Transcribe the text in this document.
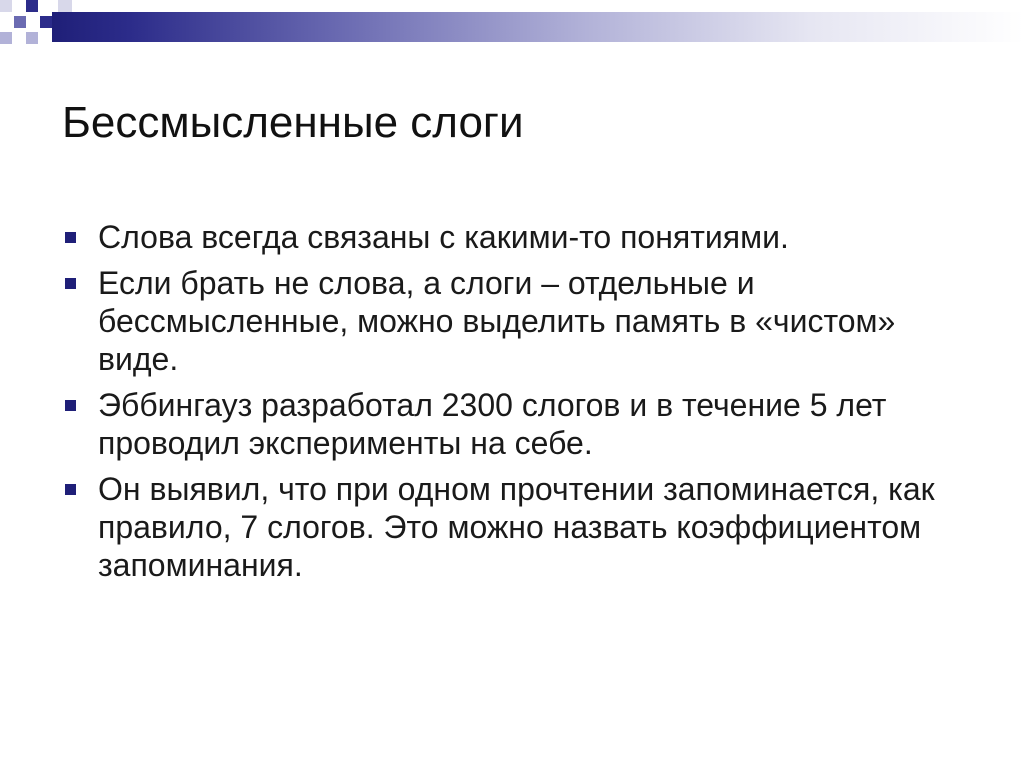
Бессмысленные слоги
Слова всегда связаны с какими-то понятиями.
Если брать не слова, а слоги – отдельные и бессмысленные, можно выделить память в «чистом» виде.
Эббингауз разработал 2300 слогов и в течение 5 лет проводил эксперименты на себе.
Он выявил, что при одном прочтении запоминается, как правило, 7 слогов. Это можно назвать коэффициентом запоминания.
